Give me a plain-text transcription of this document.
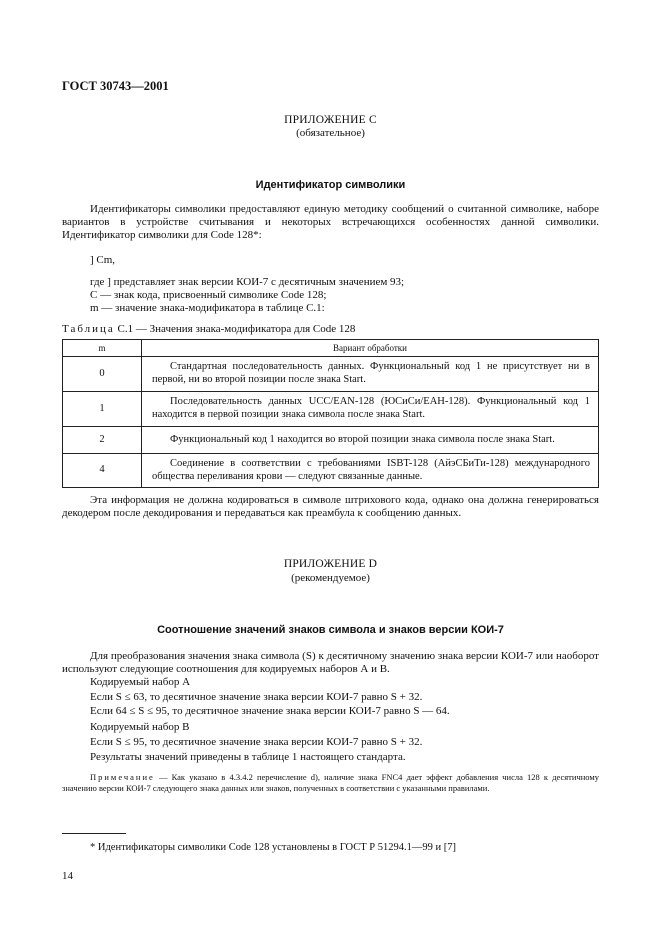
ГОСТ 30743—2001
ПРИЛОЖЕНИЕ С
(обязательное)
Идентификатор символики
Идентификаторы символики предоставляют единую методику сообщений о считанной символике, наборе вариантов в устройстве считывания и некоторых встречающихся особенностях данной символики. Идентификатор символики для Code 128*:
] Cm,
где ] представляет знак версии КОИ-7 с десятичным значением 93;
С — знак кода, присвоенный символике Code 128;
m — значение знака-модификатора в таблице С.1:
Таблица С.1 — Значения знака-модификатора для Code 128
m	Вариант обработки
0	Стандартная последовательность данных. Функциональный код 1 не присутствует ни в первой, ни во второй позиции после знака Start.
1	Последовательность данных UCC/EAN-128 (ЮСиСи/ЕАН-128). Функциональный код 1 находится в первой позиции знака символа после знака Start.
2	Функциональный код 1 находится во второй позиции знака символа после знака Start.
4	Соединение в соответствии с требованиями ISBT-128 (АйэСБиТи-128) международного общества переливания крови — следуют связанные данные.
Эта информация не должна кодироваться в символе штрихового кода, однако она должна генерироваться декодером после декодирования и передаваться как преамбула к сообщению данных.
ПРИЛОЖЕНИЕ D
(рекомендуемое)
Соотношение значений знаков символа и знаков версии КОИ-7
Для преобразования значения знака символа (S) к десятичному значению знака версии КОИ-7 или наоборот используют следующие соотношения для кодируемых наборов А и В.
Кодируемый набор А
Если S ≤ 63, то десятичное значение знака версии КОИ-7 равно S + 32.
Если 64 ≤ S ≤ 95, то десятичное значение знака версии КОИ-7 равно S — 64.
Кодируемый набор В
Если S ≤ 95, то десятичное значение знака версии КОИ-7 равно S + 32.
Результаты значений приведены в таблице 1 настоящего стандарта.
Примечание — Как указано в 4.3.4.2 перечисление d), наличие знака FNC4 дает эффект добавления числа 128 к десятичному значению версии КОИ-7 следующего знака данных или знаков, полученных в соответствии с указанными правилами.
* Идентификаторы символики Code 128 установлены в ГОСТ Р 51294.1—99 и [7]
14
